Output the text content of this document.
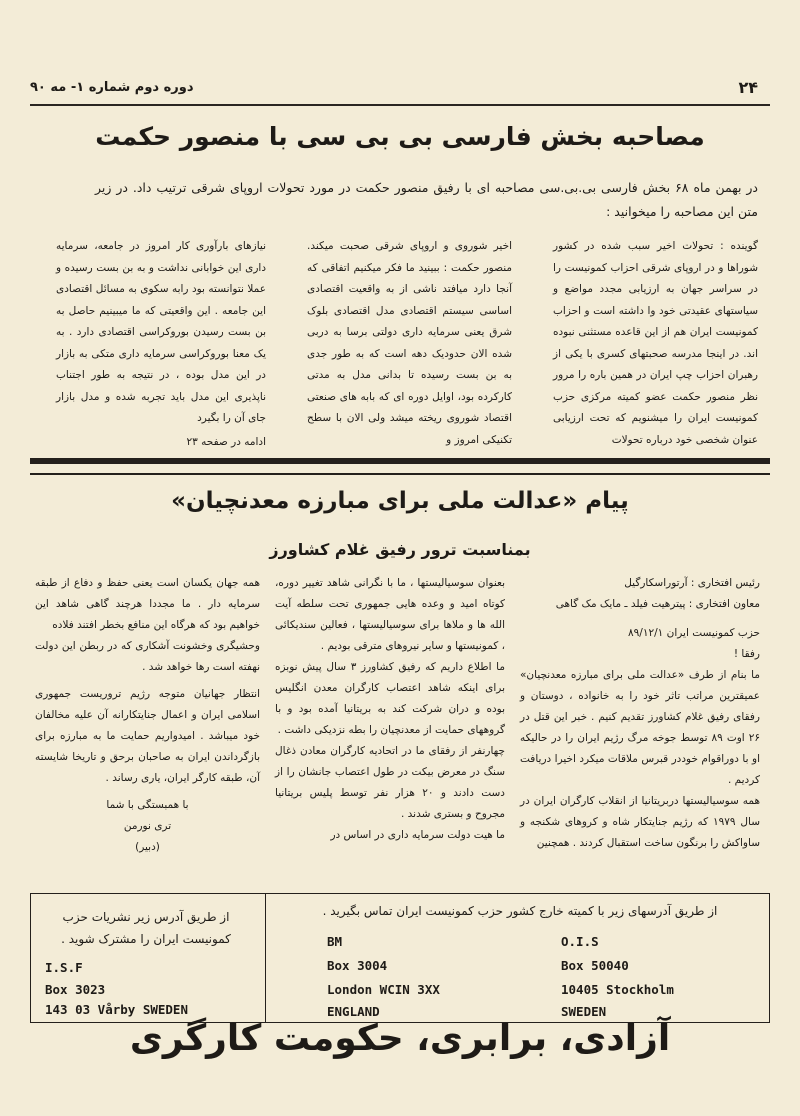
دوره دوم شماره ۱- مه ۹۰	۲۴
مصاحبه بخش فارسی بی بی سی با منصور حکمت
در بهمن ماه ۶۸ بخش فارسی بی.بی.سی مصاحبه ای با رفیق منصور حکمت در مورد تحولات اروپای شرقی ترتیب داد. در زیر متن این مصاحبه را میخوانید :
گوینده : تحولات اخیر سبب شده در کشور شوراها و در اروپای شرقی احزاب کمونیست را در سراسر جهان به ارزیابی مجدد مواضع و سیاستهای عقیدتی خود وا داشته است و احزاب کمونیست ایران هم از این قاعده مستثنی نبوده اند. در اینجا مدرسه صحبتهای کسری با یکی از رهبران احزاب چپ ایران در همین باره را مرور نظر منصور حکمت عضو کمیته مرکزی حزب کمونیست ایران را میشنویم که تحت ارزیابی عنوان شخصی خود درباره تحولات
اخیر شوروی و اروپای شرقی صحبت میکند. منصور حکمت : ببینید ما فکر میکنیم اتفاقی که آنجا دارد میافتد ناشی از به واقعیت اقتصادی اساسی سیستم اقتصادی مدل اقتصادی بلوک شرق یعنی سرمایه داری دولتی برسا به دربی شده الان حدودیک دهه است که به طور جدی به بن بست رسیده تا بدانی مدل به مدتی کارکرده بود، اوایل دوره ای که بابه های صنعتی اقتصاد شوروی ریخته میشد ولی الان با سطح تکنیکی امروز و
نیازهای بارآوری کار امروز در جامعه، سرمایه داری این خوابانی نداشت و به بن بست رسیده و عملا نتوانسته بود رابه سکوی به مسائل اقتصادی این جامعه . این واقعیتی که ما میبینیم حاصل به بن بست رسیدن بوروکراسی اقتصادی دارد . به یک معنا بوروکراسی سرمایه داری متکی به بازار در این مدل بوده ، در نتیجه به طور اجتناب ناپذیری این مدل باید تجربه شده و مدل بازار جای آن را بگیرد
ادامه در صفحه ۲۳
پیام «عدالت ملی برای مبارزه معدنچیان»
بمناسبت ترور رفیق غلام کشاورز

رئیس افتخاری : آرتوراسکارگیل

معاون افتخاری : پیترهیت فیلد ـ مایک مک گاهی

حزب کمونیست ایران ۸۹/۱۲/۱

رفقا !

ما بنام از طرف «عدالت ملی برای مبارزه معدنچیان» عمیقترین مراتب تاثر خود را به خانواده ، دوستان و رفقای رفیق غلام کشاورز تقدیم کنیم . خبر این قتل در ۲۶ اوت ۸۹ توسط جوخه مرگ رژیم ایران را در حالیکه او با دوراقوام خوددر قبرس ملاقات میکرد اخیرا دریافت کردیم .

همه سوسیالیستها دربریتانیا از انقلاب کارگران ایران در سال ۱۹۷۹ که رژیم جنایتکار شاه و کروهای شکنجه و ساواکش را برنگون ساخت استقبال کردند . همچنین

بعنوان سوسیالیستها ، ما با نگرانی شاهد تغییر دوره، کوتاه امید و وعده هایی جمهوری تحت سلطه آیت الله ها و ملاها برای سوسیالیستها ، فعالین سندیکائی ، کمونیستها و سایر نیروهای مترقی بودیم .

ما اطلاع داریم که رفیق کشاورز ۳ سال پیش نوبزه برای اینکه شاهد اعتصاب کارگران معدن انگلیس بوده و دران شرکت کند به بریتانیا آمده بود و با گروههای حمایت از معدنچیان را بطه نزدیکی داشت .

چهارنفر از رفقای ما در اتحادیه کارگران معادن ذغال سنگ در معرض بیکت در طول اعتصاب جانشان را از دست دادند و ۲۰ هزار نفر توسط پلیس بریتانیا مجروح و بستری شدند .

ما هیت دولت سرمایه داری در اساس در

همه جهان یکسان است یعنی حفظ و دفاع از طبقه سرمایه دار . ما مجددا هرچند گاهی شاهد این خواهیم بود که هرگاه این منافع بخطر افتند فلاده

وحشیگری وخشونت آشکاری که در ربطن این دولت نهفته است رها خواهد شد .

انتظار جهانیان متوجه رژیم تروریست جمهوری اسلامی ایران و اعمال جنایتکارانه آن علیه مخالفان خود میباشد . امیدواریم حمایت ما به مبارزه برای بازگرداندن ایران به صاحبان برحق و تاریخا شایسته آن، طبقه کارگر ایران، یاری رساند .

با همبستگی با شما

تری نورمن

(دبیر)

از طریق آدرس زیر نشریات حزب کمونیست ایران را مشترک شوید .
I.S.F
Box 3023
143 03 Vårby SWEDEN
از طریق آدرسهای زیر با کمیته خارج کشور حزب کمونیست ایران تماس بگیرید .
BM
Box 3004
London WCIN 3XX
ENGLAND
O.I.S
Box 50040
10405 Stockholm
SWEDEN
آزادی، برابری، حکومت کارگری
